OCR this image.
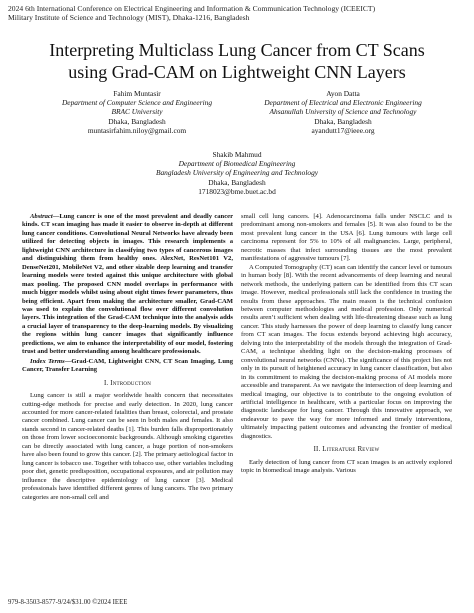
2024 6th International Conference on Electrical Engineering and Information & Communication Technology (ICEEICT)
Military Institute of Science and Technology (MIST), Dhaka-1216, Bangladesh
Interpreting Multiclass Lung Cancer from CT Scans
using Grad-CAM on Lightweight CNN Layers
Fahim Muntasir
Department of Computer Science and Engineering
BRAC University
Dhaka, Bangladesh
muntasirfahim.niloy@gmail.com
Ayon Datta
Department of Electrical and Electronic Engineering
Ahsanullah University of Science and Technology
Dhaka, Bangladesh
ayandutt17@ieee.org
Shakib Mahmud
Department of Biomedical Engineering
Bangladesh University of Engineering and Technology
Dhaka, Bangladesh
1718023@bme.buet.ac.bd

Abstract—Lung cancer is one of the most prevalent and deadly cancer kinds. CT scan imaging has made it easier to observe in-depth at different lung cancer conditions. Convolutional Neural Networks have already been utilized for detecting objects in images. This research implements a lightweight CNN architecture in classifying two types of cancerous images and distinguishing them from healthy ones. AlexNet, ResNet101 V2, DenseNet201, MobileNet V2, and other sizable deep learning and transfer learning models were tested against this unique architecture with global max pooling. The proposed CNN model overlaps in performance with much bigger models whilst using about eight times fewer parameters, thus being efficient. Apart from making the architecture smaller, Grad-CAM was used to explain the convolutional flow over different convolution layers. This integration of the Grad-CAM technique into the analysis adds a crucial layer of transparency to the deep-learning models. By visualizing the regions within lung cancer images that significantly influence predictions, we aim to enhance the interpretability of our model, fostering trust and better understanding among healthcare professionals.

Index Terms—Grad-CAM, Lightweight CNN, CT Scan Imaging, Lung Cancer, Transfer Learning

I. Introduction

Lung cancer is still a major worldwide health concern that necessitates cutting-edge methods for precise and early detection. In 2020, lung cancer accounted for more cancer-related fatalities than breast, colorectal, and prostate cancer combined. Lung cancer can be seen in both males and females. It also stands second in cancer-related deaths [1]. This burden falls disproportionately on those from lower socioeconomic backgrounds. Although smoking cigarettes can be directly associated with lung cancer, a huge portion of non-smokers have also been found to grow this cancer. [2]. The primary aetiological factor in lung cancer is tobacco use. Together with tobacco use, other variables including poor diet, genetic predisposition, occupational exposures, and air pollution may influence the descriptive epidemiology of lung cancer [3]. Medical professionals have identified different genres of lung cancers. The two primary categories are non-small cell and

small cell lung cancers. [4]. Adenocarcinoma falls under NSCLC and is predominant among non-smokers and females [5]. It was also found to be the most prevalent lung cancer in the USA [6]. Lung tumours with large cell carcinoma represent for 5% to 10% of all malignancies. Large, peripheral, necrotic masses that infect surrounding tissues are the most prevalent manifestations of aggressive tumours [7].

A Computed Tomography (CT) scan can identify the cancer level or tumours in human body [8]. With the recent advancements of deep learning and neural network methods, the underlying pattern can be identified from this CT scan image. However, medical professionals still lack the confidence in trusting the results from these approaches. The main reason is the technical confusion between computer methodologies and medical profession. Only numerical results aren’t sufficient when dealing with life-threatening disease such as lung cancer. This study harnesses the power of deep learning to classify lung cancer from CT scan images. The focus extends beyond achieving high accuracy, delving into the interpretability of the models through the integration of Grad-CAM, a technique shedding light on the decision-making processes of convolutional neural networks (CNNs). The significance of this project lies not only in its pursuit of heightened accuracy in lung cancer classification, but also in its commitment to making the decision-making process of AI models more accessible and transparent. As we navigate the intersection of deep learning and medical imaging, our objective is to contribute to the ongoing evolution of artificial intelligence in healthcare, with a particular focus on improving the diagnostic landscape for lung cancer. Through this innovative approach, we endeavour to pave the way for more informed and timely interventions, ultimately impacting patient outcomes and advancing the frontier of medical diagnostics.

II. Literature Review

Early detection of lung cancer from CT scan images is an actively explored topic in biomedical image analysis. Various

979-8-3503-8577-9/24/$31.00 ©2024 IEEE
